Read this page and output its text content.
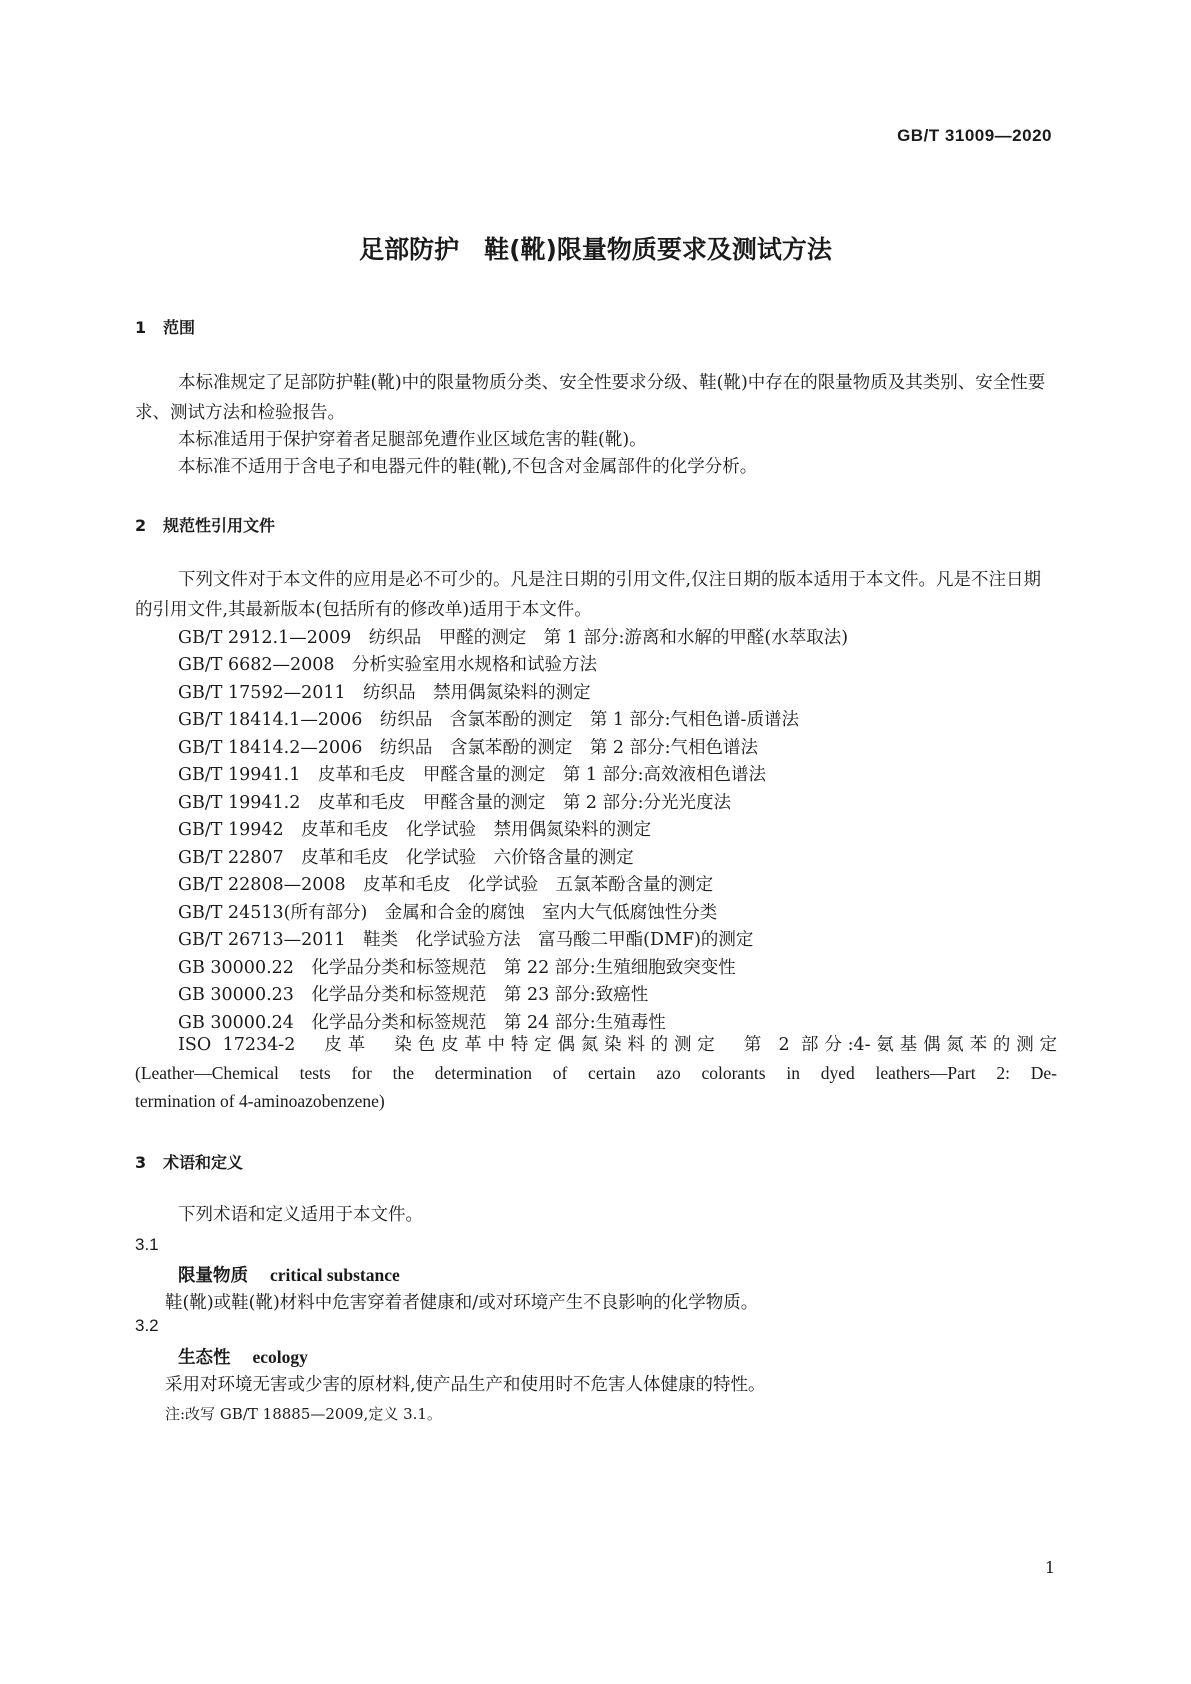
GB/T 31009—2020
足部防护　鞋(靴)限量物质要求及测试方法
1 范围
本标准规定了足部防护鞋(靴)中的限量物质分类、安全性要求分级、鞋(靴)中存在的限量物质及其类别、安全性要求、测试方法和检验报告。
本标准适用于保护穿着者足腿部免遭作业区域危害的鞋(靴)。
本标准不适用于含电子和电器元件的鞋(靴),不包含对金属部件的化学分析。
2 规范性引用文件
下列文件对于本文件的应用是必不可少的。凡是注日期的引用文件,仅注日期的版本适用于本文件。凡是不注日期的引用文件,其最新版本(包括所有的修改单)适用于本文件。
GB/T 2912.1—2009　纺织品　甲醛的测定　第 1 部分:游离和水解的甲醛(水萃取法)
GB/T 6682—2008　分析实验室用水规格和试验方法
GB/T 17592—2011　纺织品　禁用偶氮染料的测定
GB/T 18414.1—2006　纺织品　含氯苯酚的测定　第 1 部分:气相色谱-质谱法
GB/T 18414.2—2006　纺织品　含氯苯酚的测定　第 2 部分:气相色谱法
GB/T 19941.1　皮革和毛皮　甲醛含量的测定　第 1 部分:高效液相色谱法
GB/T 19941.2　皮革和毛皮　甲醛含量的测定　第 2 部分:分光光度法
GB/T 19942　皮革和毛皮　化学试验　禁用偶氮染料的测定
GB/T 22807　皮革和毛皮　化学试验　六价铬含量的测定
GB/T 22808—2008　皮革和毛皮　化学试验　五氯苯酚含量的测定
GB/T 24513(所有部分)　金属和合金的腐蚀　室内大气低腐蚀性分类
GB/T 26713—2011　鞋类　化学试验方法　富马酸二甲酯(DMF)的测定
GB 30000.22　化学品分类和标签规范　第 22 部分:生殖细胞致突变性
GB 30000.23　化学品分类和标签规范　第 23 部分:致癌性
GB 30000.24　化学品分类和标签规范　第 24 部分:生殖毒性
ISO 17234-2　皮革　染色皮革中特定偶氮染料的测定　第 2 部分:4-氨基偶氮苯的测定
(Leather—Chemical tests for the determination of certain azo colorants in dyed leathers—Part 2: De-
termination of 4-aminoazobenzene)
3 术语和定义
下列术语和定义适用于本文件。
3.1
限量物质 critical substance
鞋(靴)或鞋(靴)材料中危害穿着者健康和/或对环境产生不良影响的化学物质。
3.2
生态性 ecology
采用对环境无害或少害的原材料,使产品生产和使用时不危害人体健康的特性。
注:改写 GB/T 18885—2009,定义 3.1。
1
